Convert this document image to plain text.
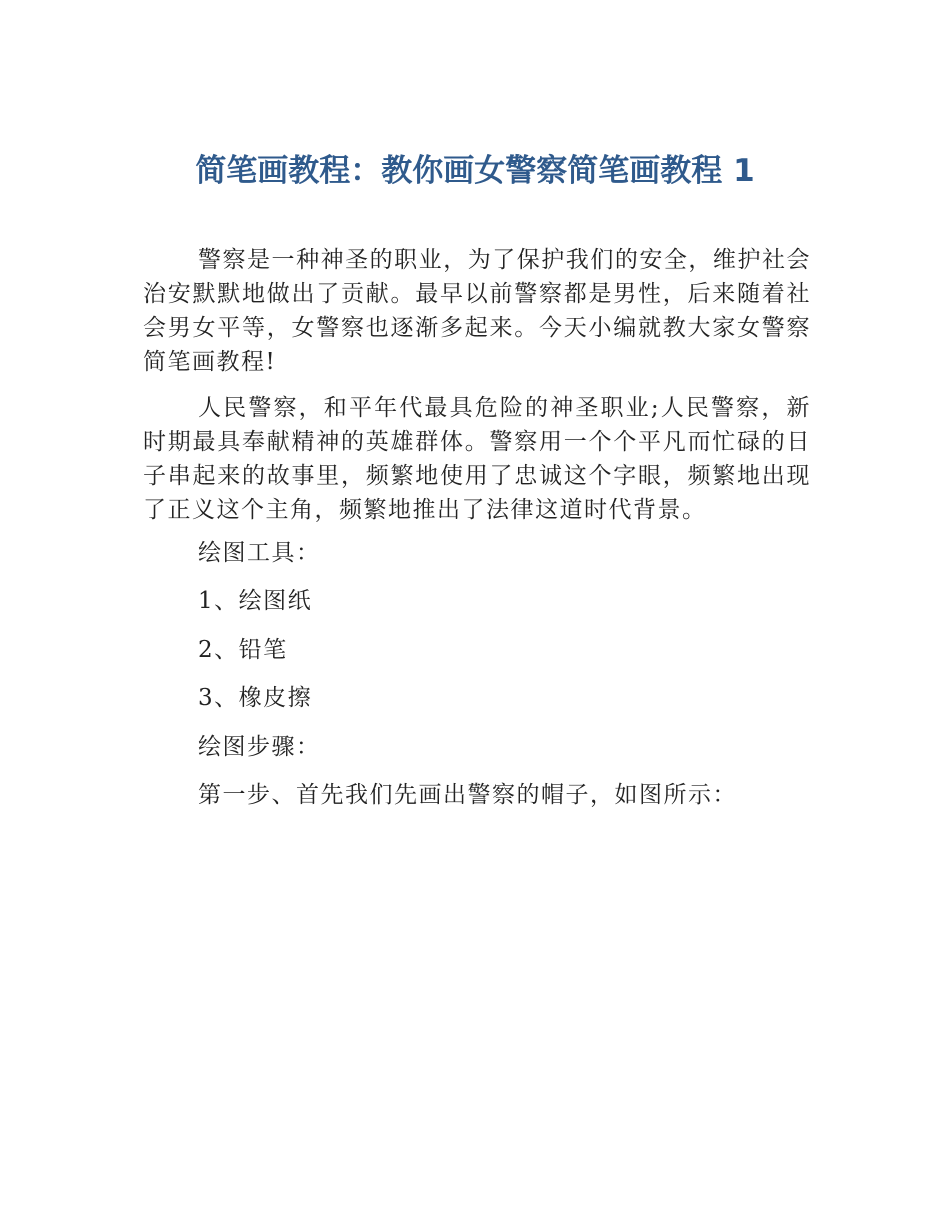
简笔画教程：教你画女警察简笔画教程 1
警察是一种神圣的职业，为了保护我们的安全，维护社会治安默默地做出了贡献。最早以前警察都是男性，后来随着社会男女平等，女警察也逐渐多起来。今天小编就教大家女警察简笔画教程!
人民警察，和平年代最具危险的神圣职业;人民警察，新时期最具奉献精神的英雄群体。警察用一个个平凡而忙碌的日子串起来的故事里，频繁地使用了忠诚这个字眼，频繁地出现了正义这个主角，频繁地推出了法律这道时代背景。
绘图工具：
1、绘图纸
2、铅笔
3、橡皮擦
绘图步骤：
第一步、首先我们先画出警察的帽子，如图所示：
